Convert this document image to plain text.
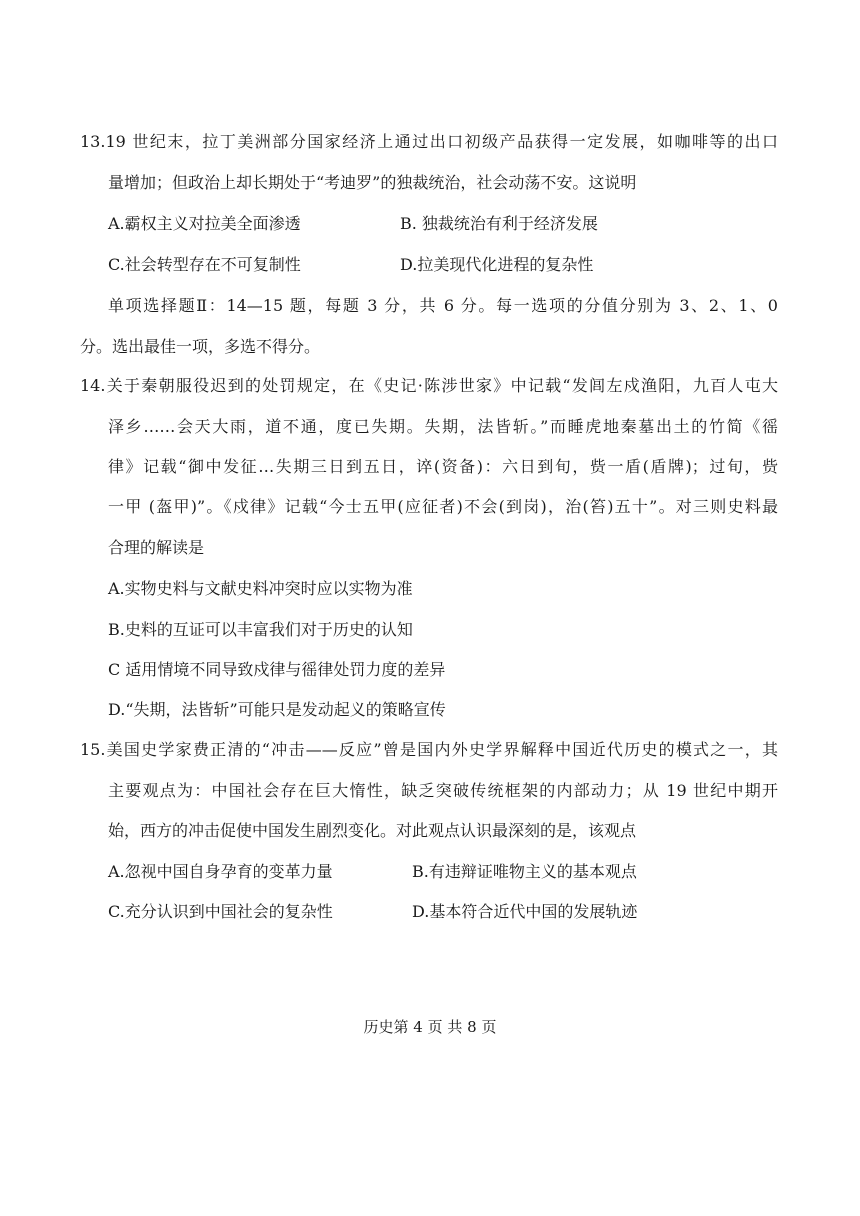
13.19 世纪末，拉丁美洲部分国家经济上通过出口初级产品获得一定发展，如咖啡等的出口
量增加；但政治上却长期处于“考迪罗”的独裁统治，社会动荡不安。这说明
A.霸权主义对拉美全面渗透	B. 独裁统治有利于经济发展
C.社会转型存在不可复制性	D.拉美现代化进程的复杂性
单项选择题Ⅱ：14—15 题，每题 3 分，共 6 分。每一选项的分值分别为 3、2、1、0
分。选出最佳一项，多选不得分。
14.关于秦朝服役迟到的处罚规定，在《史记·陈涉世家》中记载“发闾左戍渔阳，九百人屯大
泽乡……会天大雨，道不通，度已失期。失期，法皆斩。”而睡虎地秦墓出土的竹简《徭
律》记载“御中发征…失期三日到五日，谇(资备)：六日到旬，赀一盾(盾牌)；过旬，赀
一甲 (盔甲)”。《戍律》记载“今士五甲(应征者)不会(到岗)，治(笞)五十”。对三则史料最
合理的解读是
A.实物史料与文献史料冲突时应以实物为准
B.史料的互证可以丰富我们对于历史的认知
C 适用情境不同导致戍律与徭律处罚力度的差异
D.“失期，法皆斩”可能只是发动起义的策略宣传
15.美国史学家费正清的“冲击——反应”曾是国内外史学界解释中国近代历史的模式之一，其
主要观点为：中国社会存在巨大惰性，缺乏突破传统框架的内部动力；从 19 世纪中期开
始，西方的冲击促使中国发生剧烈变化。对此观点认识最深刻的是，该观点
A.忽视中国自身孕育的变革力量	B.有违辩证唯物主义的基本观点
C.充分认识到中国社会的复杂性	D.基本符合近代中国的发展轨迹
历史第 4 页 共 8 页
